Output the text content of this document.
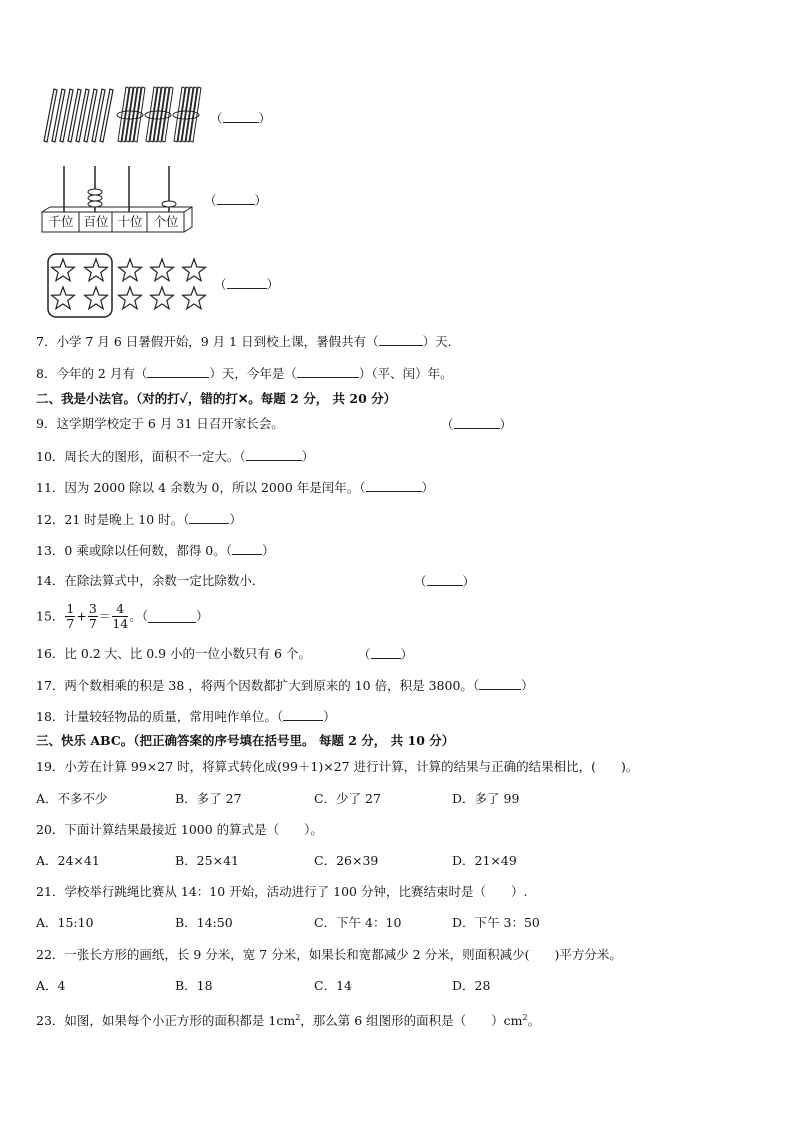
（	）
千位 百位 十位 个位
（	）
（	）
7．小学 7 月 6 日暑假开始，9 月 1 日到校上课，暑假共有（	）天．
8．今年的 2 月有（	）天，今年是（	）（平、闰）年。
二、我是小法官。（对的打✓，错的打✕。每题 2 分， 共 20 分）
9．这学期学校定于 6 月 31 日召开家长会。	（	）
10．周长大的图形，面积不一定大。（	）
11．因为 2000 除以 4 余数为 0，所以 2000 年是闰年。（	）
12．21 时是晚上 10 时。（	）
13．0 乘或除以任何数，都得 0。（ ）
14．在除法算式中，余数一定比除数小．	（	）
15． $\frac{1}{7} + \frac{3}{7} = \frac{4}{14}$ 。（	）
16．比 0.2 大、比 0.9 小的一位小数只有 6 个。	（ ）
17．两个数相乘的积是 38 ，将两个因数都扩大到原来的 10 倍，积是 3800。（	）
18．计量较轻物品的质量，常用吨作单位。（	）
三、快乐 ABC。（把正确答案的序号填在括号里。 每题 2 分， 共 10 分）
19．小芳在计算 99×27 时，将算式转化成(99＋1)×27 进行计算，计算的结果与正确的结果相比，(　　)。
A．不多不少	B．多了 27	C．少了 27	D．多了 99
20．下面计算结果最接近 1000 的算式是（　　）。
A．24×41	B．25×41	C．26×39	D．21×49
21．学校举行跳绳比赛从 14：10 开始，活动进行了 100 分钟，比赛结束时是（　　）.
A．15:10	B．14:50	C．下午 4：10	D．下午 3：50
22．一张长方形的画纸，长 9 分米，宽 7 分米，如果长和宽都减少 2 分米，则面积减少(　　)平方分米。
A．4	B．18	C．14	D．28
23．如图，如果每个小正方形的面积都是 $1cm^2$，那么第 6 组图形的面积是（　　）$cm^2$。
